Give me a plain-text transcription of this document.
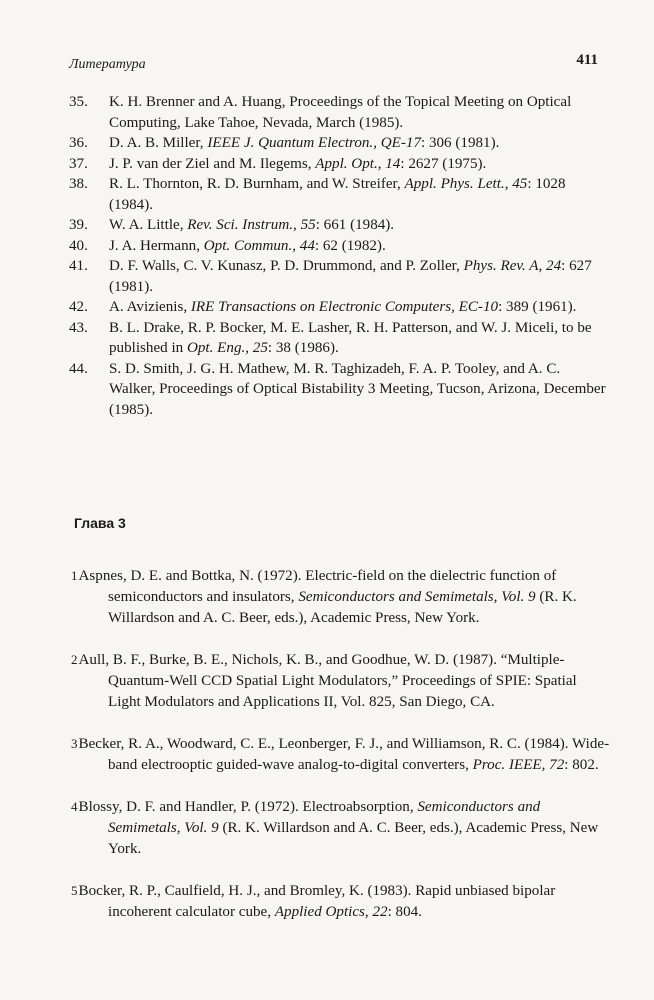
Литература	411
35. K. H. Brenner and A. Huang, Proceedings of the Topical Meeting on Optical Computing, Lake Tahoe, Nevada, March (1985).
36. D. A. B. Miller, IEEE J. Quantum Electron., QE-17: 306 (1981).
37. J. P. van der Ziel and M. Ilegems, Appl. Opt., 14: 2627 (1975).
38. R. L. Thornton, R. D. Burnham, and W. Streifer, Appl. Phys. Lett., 45: 1028 (1984).
39. W. A. Little, Rev. Sci. Instrum., 55: 661 (1984).
40. J. A. Hermann, Opt. Commun., 44: 62 (1982).
41. D. F. Walls, C. V. Kunasz, P. D. Drummond, and P. Zoller, Phys. Rev. A, 24: 627 (1981).
42. A. Avizienis, IRE Transactions on Electronic Computers, EC-10: 389 (1961).
43. B. L. Drake, R. P. Bocker, M. E. Lasher, R. H. Patterson, and W. J. Miceli, to be published in Opt. Eng., 25: 38 (1986).
44. S. D. Smith, J. G. H. Mathew, M. R. Taghizadeh, F. A. P. Tooley, and A. C. Walker, Proceedings of Optical Bistability 3 Meeting, Tucson, Arizona, December (1985).
Глава 3
1Aspnes, D. E. and Bottka, N. (1972). Electric-field on the dielectric function of semiconductors and insulators, Semiconductors and Semimetals, Vol. 9 (R. K. Willardson and A. C. Beer, eds.), Academic Press, New York.
2Aull, B. F., Burke, B. E., Nichols, K. B., and Goodhue, W. D. (1987). “Multiple-Quantum-Well CCD Spatial Light Modulators,” Proceedings of SPIE: Spatial Light Modulators and Applications II, Vol. 825, San Diego, CA.
3Becker, R. A., Woodward, C. E., Leonberger, F. J., and Williamson, R. C. (1984). Wide-band electrooptic guided-wave analog-to-digital converters, Proc. IEEE, 72: 802.
4Blossy, D. F. and Handler, P. (1972). Electroabsorption, Semiconductors and Semimetals, Vol. 9 (R. K. Willardson and A. C. Beer, eds.), Academic Press, New York.
5Bocker, R. P., Caulfield, H. J., and Bromley, K. (1983). Rapid unbiased bipolar incoherent calculator cube, Applied Optics, 22: 804.
